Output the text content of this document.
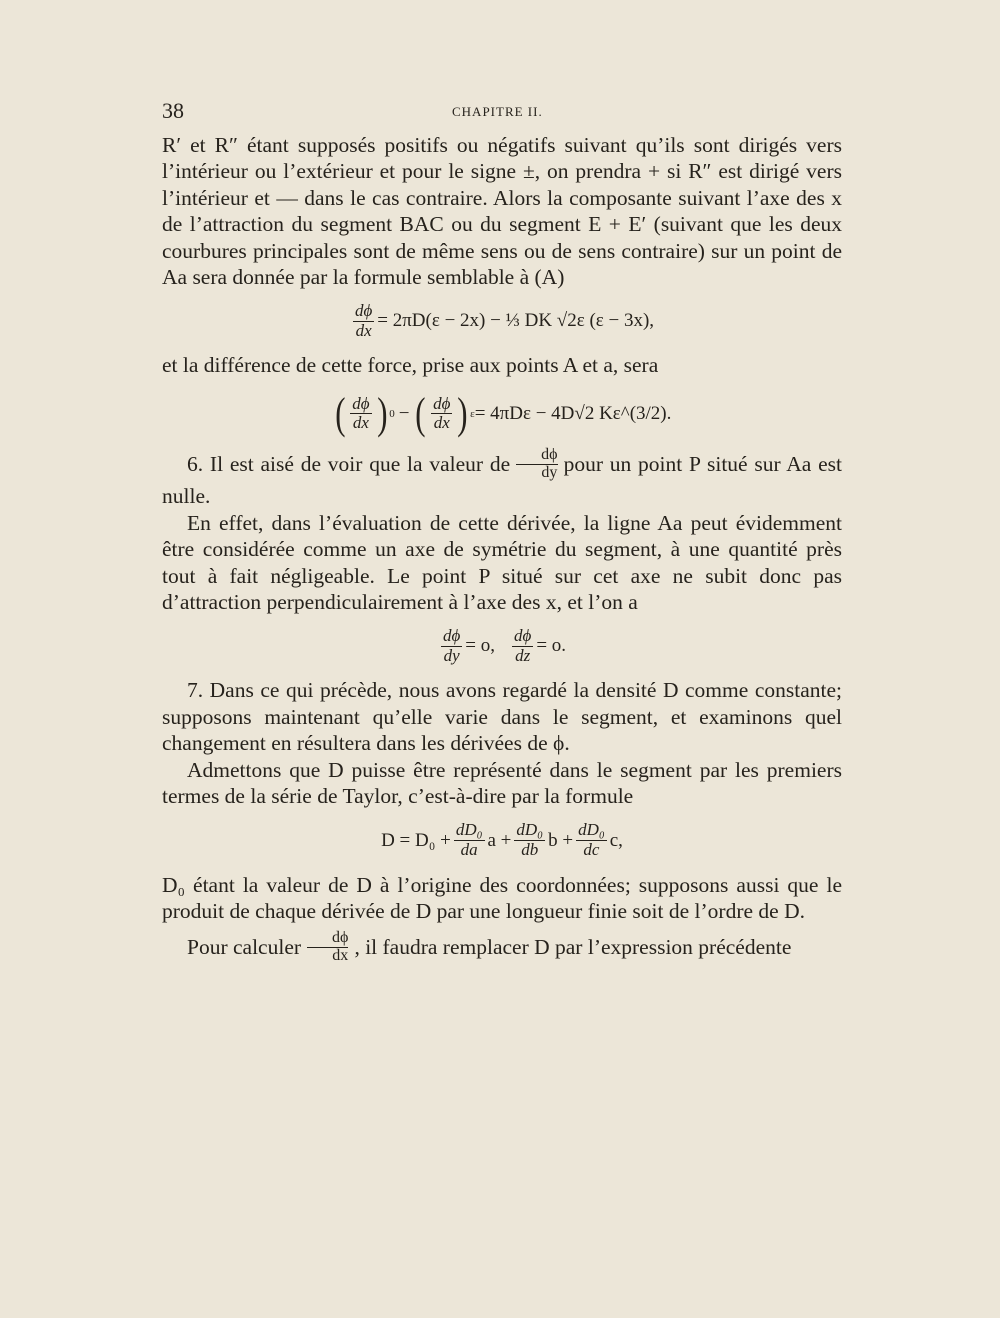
38	CHAPITRE II.

R′ et R″ étant supposés positifs ou négatifs suivant qu’ils sont dirigés vers l’intérieur ou l’extérieur et pour le signe ±, on prendra + si R″ est dirigé vers l’intérieur et — dans le cas contraire. Alors la composante suivant l’axe des x de l’attraction du segment BAC ou du segment E + E′ (suivant que les deux courbures principales sont de même sens ou de sens contraire) sur un point de Aa sera donnée par la formule semblable à (A)

$\frac{d\phi}{dx} = 2\pi D(\varepsilon - 2x)$ − ⅓ DK √2ε (ε − 3x),

et la différence de cette force, prise aux points A et a, sera

( $\frac{d\phi}{dx}$ ) 0 − ( $\frac{d\phi}{dx}$ ) ε = 4πDε − 4D√2 Kε^(3/2).

6. Il est aisé de voir que la valeur de $\frac{d\phi}{dy}$ pour un point P situé sur Aa est nulle.

En effet, dans l’évaluation de cette dérivée, la ligne Aa peut évidemment être considérée comme un axe de symétrie du segment, à une quantité près tout à fait négligeable. Le point P situé sur cet axe ne subit donc pas d’attraction perpendiculairement à l’axe des x, et l’on a

$\frac{d\phi}{dy} = o$, $\frac{d\phi}{dz} = o$.

7. Dans ce qui précède, nous avons regardé la densité D comme constante; supposons maintenant qu’elle varie dans le segment, et examinons quel changement en résultera dans les dérivées de ϕ.

Admettons que D puisse être représenté dans le segment par les premiers termes de la série de Taylor, c’est-à-dire par la formule

$D = D_0 + \frac{\text{dD₀}}{da}$ $a + \frac{\text{dD₀}}{db}$ $b + \frac{\text{dD₀}}{dc} c$,

D₀ étant la valeur de D à l’origine des coordonnées; supposons aussi que le produit de chaque dérivée de D par une longueur finie soit de l’ordre de D.

Pour calculer $\frac{d\phi}{dx}$ , il faudra remplacer D par l’expression précédente
